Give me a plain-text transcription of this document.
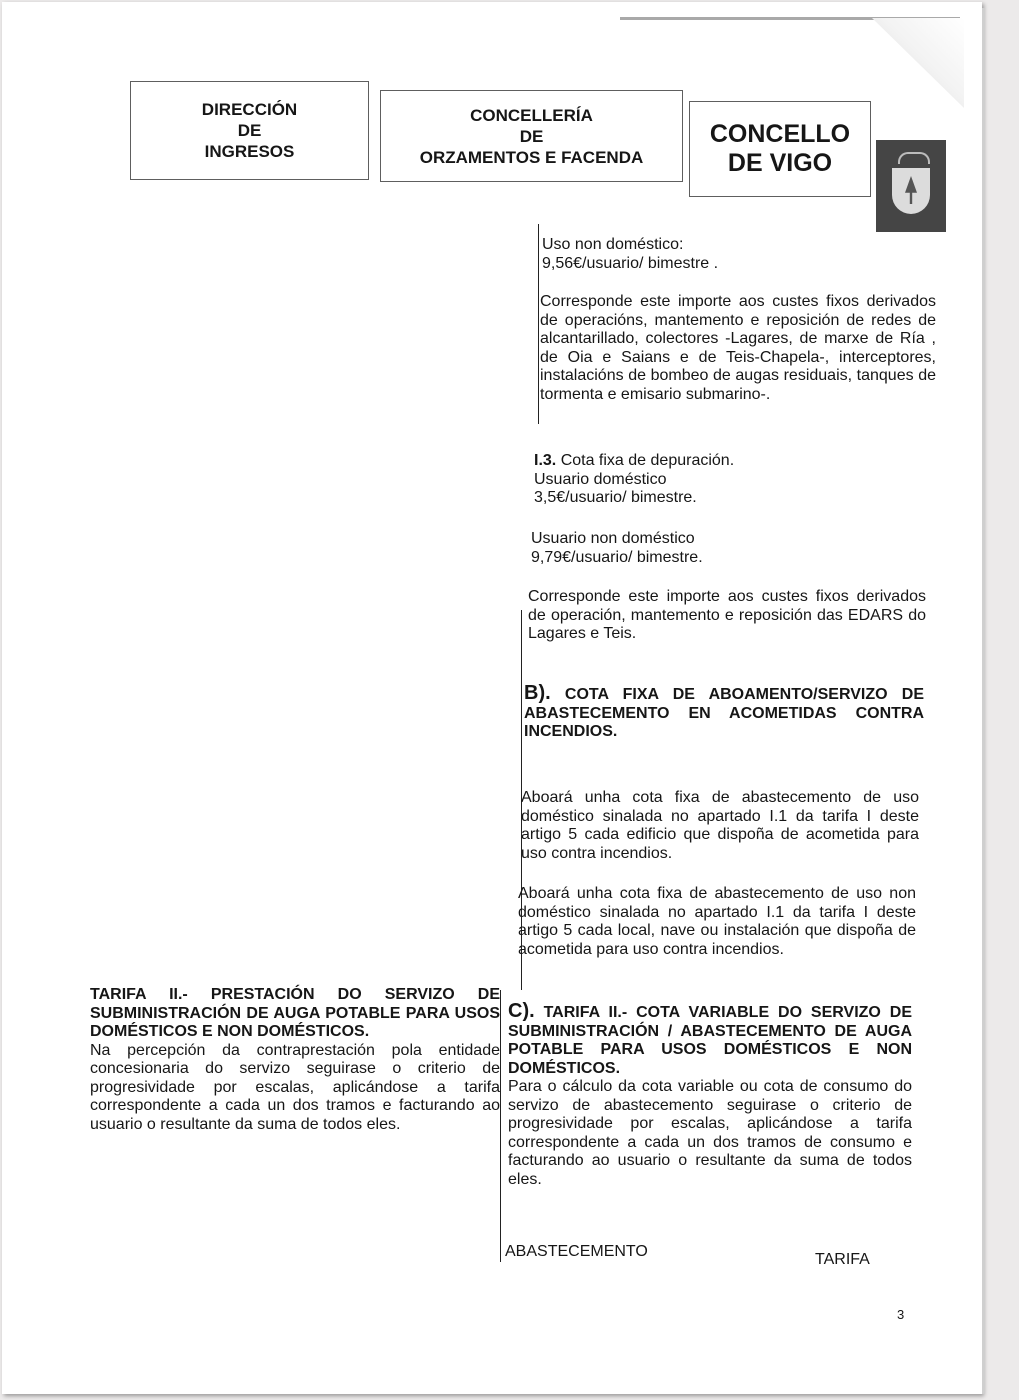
DIRECCIÓN
DE
INGRESOS
CONCELLERÍA
DE
ORZAMENTOS E FACENDA
CONCELLO
DE VIGO

Uso non doméstico:

9,56€/usuario/ bimestre .

Corresponde este importe aos custes fixos derivados de operacións, mantemento e reposición de redes de alcantarillado, colectores -Lagares, de marxe de Ría , de Oia e Saians e de Teis-Chapela-, interceptores, instalacións de bombeo de augas residuais, tanques de tormenta e emisario submarino-.

I.3. Cota fixa de depuración.

Usuario doméstico

3,5€/usuario/ bimestre.

Usuario non doméstico

9,79€/usuario/ bimestre.

Corresponde este importe aos custes fixos derivados de operación, mantemento e reposición das EDARS do Lagares e Teis.

B). COTA FIXA DE ABOAMENTO/SERVIZO DE ABASTECEMENTO EN ACOMETIDAS CONTRA INCENDIOS.

Aboará unha cota fixa de abastecemento de uso doméstico sinalada no apartado I.1 da tarifa I deste artigo 5 cada edificio que dispoña de acometida para uso contra incendios.

Aboará unha cota fixa de abastecemento de uso non doméstico sinalada no apartado I.1 da tarifa I deste artigo 5 cada local, nave ou instalación que dispoña de acometida para uso contra incendios.

TARIFA II.- PRESTACIÓN DO SERVIZO DE SUBMINISTRACIÓN DE AUGA POTABLE PARA USOS DOMÉSTICOS E NON DOMÉSTICOS.

Na percepción da contraprestación pola entidade concesionaria do servizo seguirase o criterio de progresividade por escalas, aplicándose a tarifa correspondente a cada un dos tramos e facturando ao usuario o resultante da suma de todos eles.

C). TARIFA II.- COTA VARIABLE DO SERVIZO DE SUBMINISTRACIÓN / ABASTECEMENTO DE AUGA POTABLE PARA USOS DOMÉSTICOS E NON DOMÉSTICOS.

Para o cálculo da cota variable ou cota de consumo do servizo de abastecemento seguirase o criterio de progresividade por escalas, aplicándose a tarifa correspondente a cada un dos tramos de consumo e facturando ao usuario o resultante da suma de todos eles.

ABASTECEMENTO	TARIFA
3
